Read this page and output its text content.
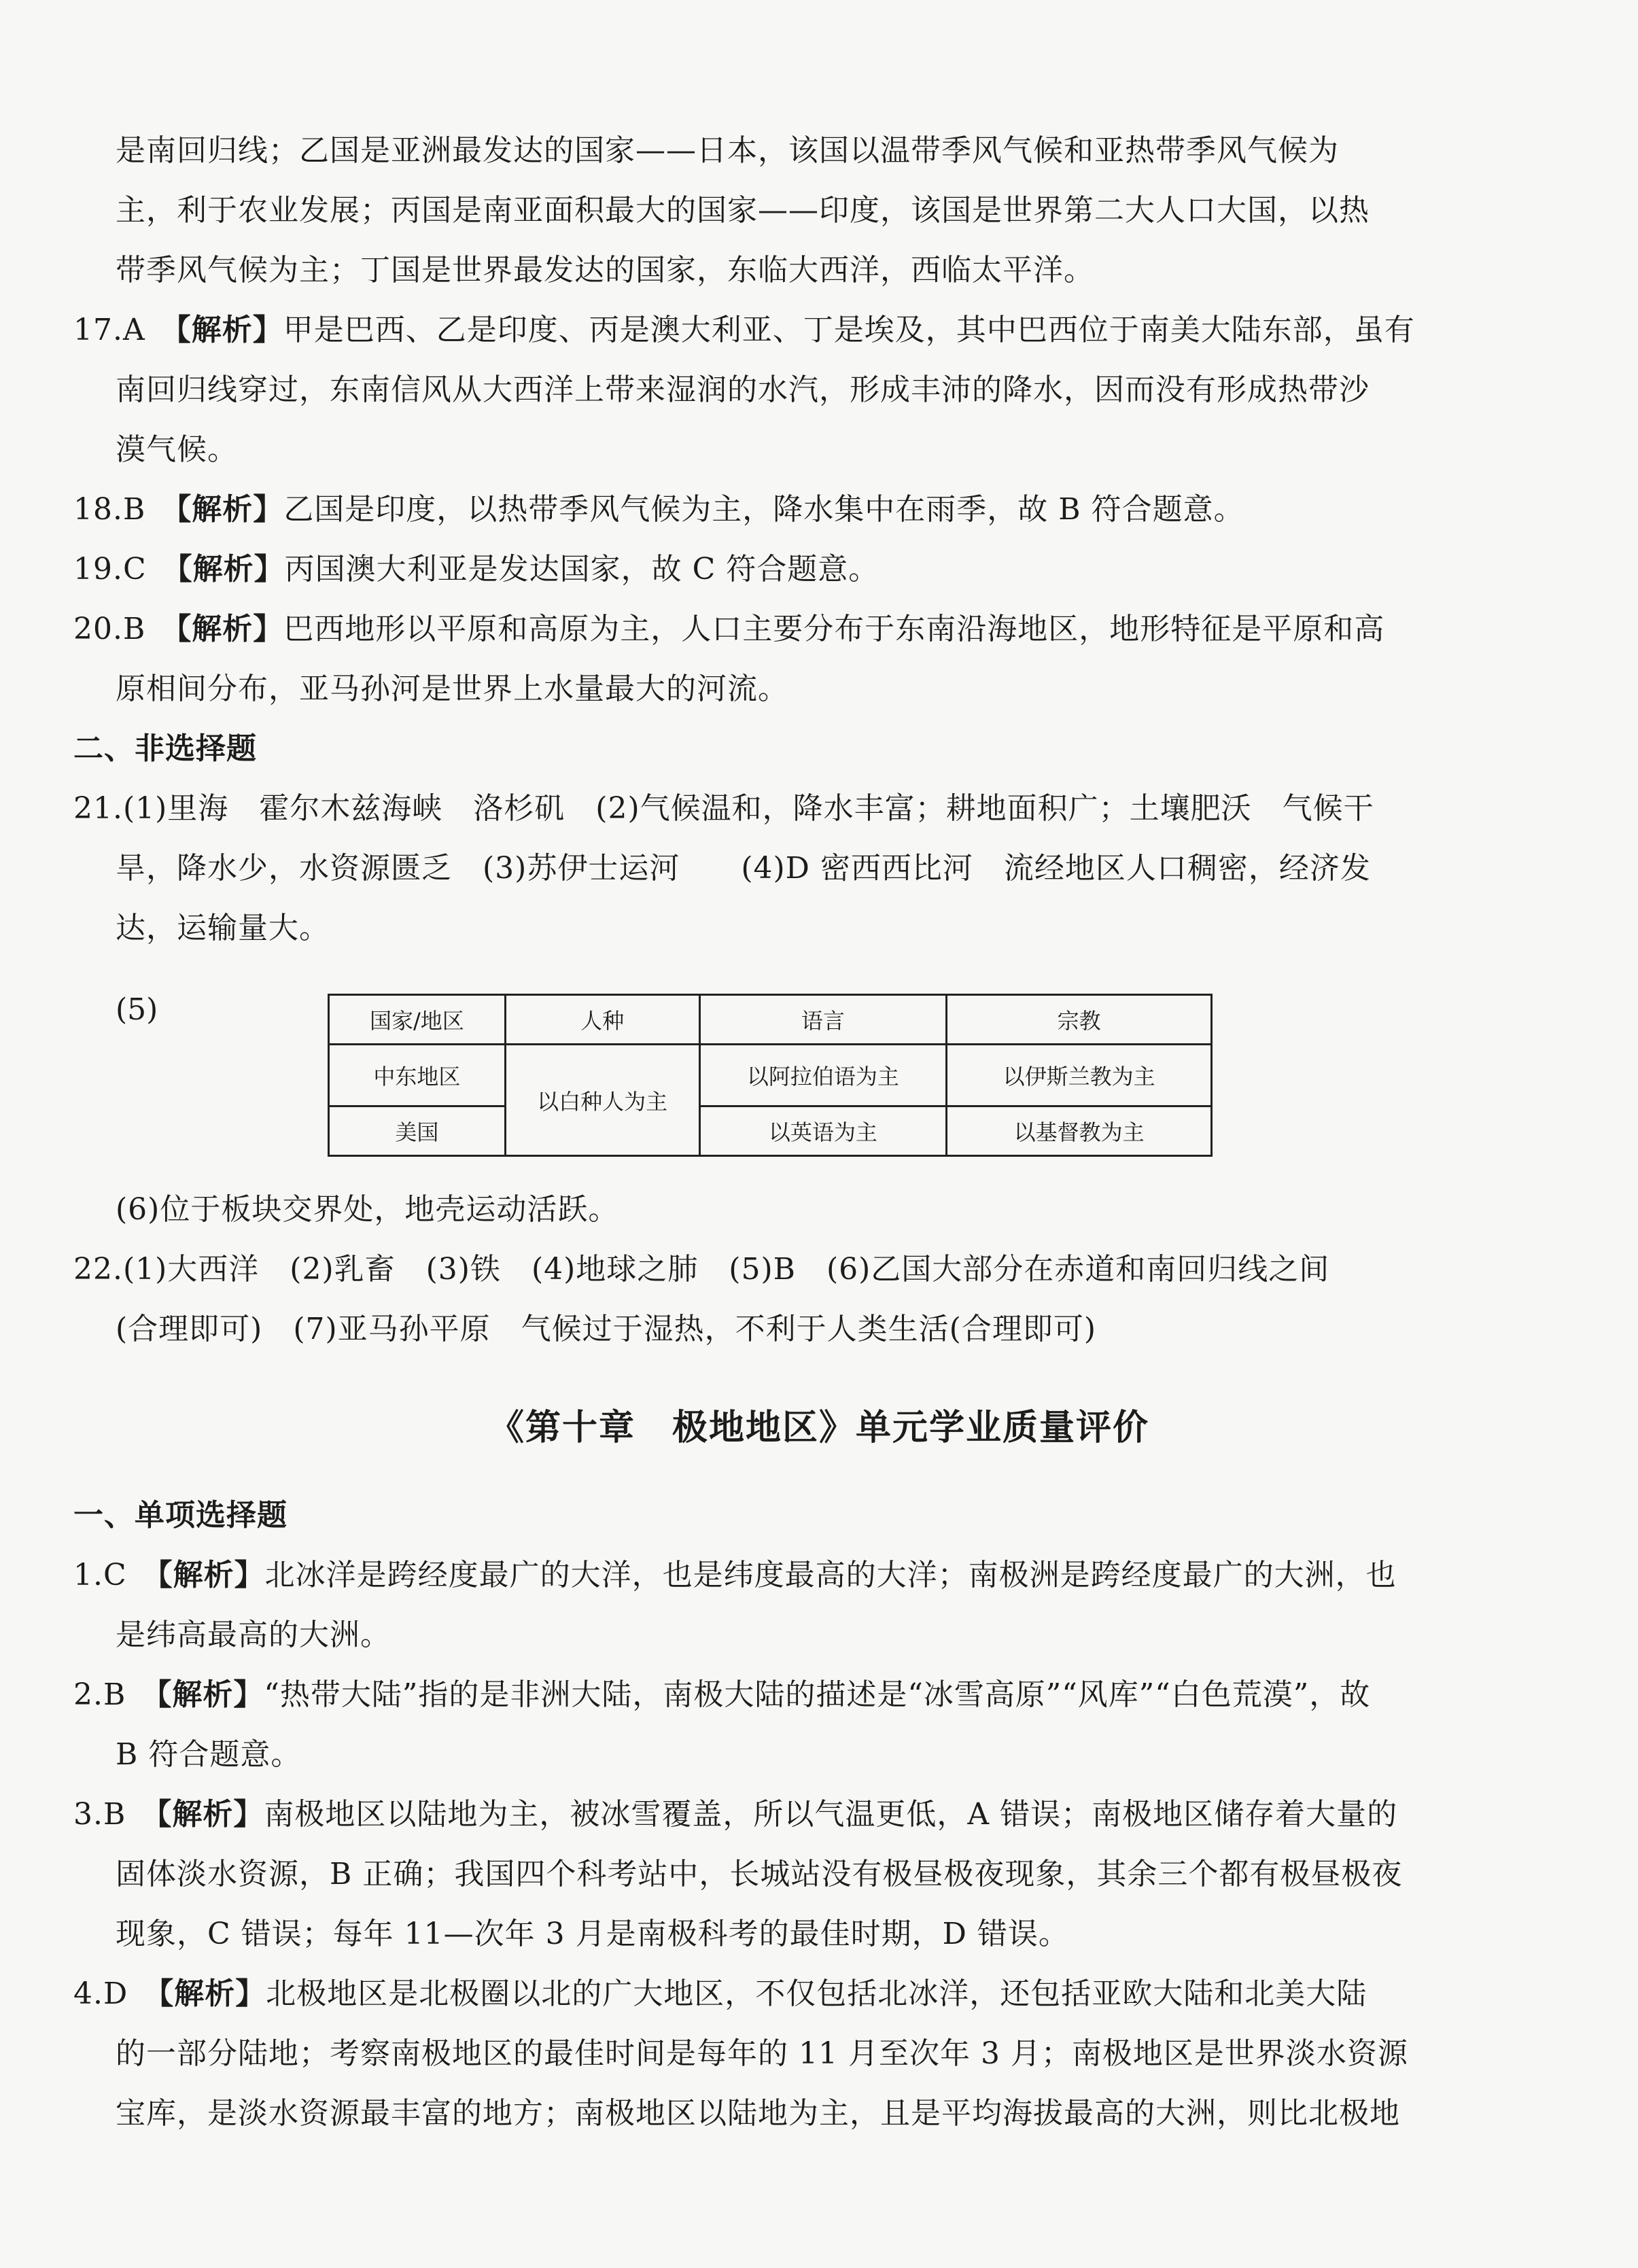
是南回归线；乙国是亚洲最发达的国家——日本，该国以温带季风气候和亚热带季风气候为
主，利于农业发展；丙国是南亚面积最大的国家——印度，该国是世界第二大人口大国，以热
带季风气候为主；丁国是世界最发达的国家，东临大西洋，西临太平洋。
17.A　 【解析】甲是巴西、乙是印度、丙是澳大利亚、丁是埃及，其中巴西位于南美大陆东部，虽有
南回归线穿过，东南信风从大西洋上带来湿润的水汽，形成丰沛的降水，因而没有形成热带沙
漠气候。
18.B　 【解析】乙国是印度，以热带季风气候为主，降水集中在雨季，故 B 符合题意。
19.C　 【解析】丙国澳大利亚是发达国家，故 C 符合题意。
20.B　 【解析】巴西地形以平原和高原为主，人口主要分布于东南沿海地区，地形特征是平原和高
原相间分布，亚马孙河是世界上水量最大的河流。
二、非选择题
21.(1)里海　霍尔木兹海峡　洛杉矶　(2)气候温和，降水丰富；耕地面积广；土壤肥沃　气候干
旱，降水少，水资源匮乏　(3)苏伊士运河　　(4)D 密西西比河　流经地区人口稠密，经济发
达，运输量大。
(5)	国家/地区	人种	语言	宗教
中东地区	以白种人为主	以阿拉伯语为主	以伊斯兰教为主
美国		以英语为主	以基督教为主
(6)位于板块交界处，地壳运动活跃。
22.(1)大西洋　(2)乳畜　(3)铁　(4)地球之肺　(5)B　(6)乙国大部分在赤道和南回归线之间
(合理即可)　(7)亚马孙平原　气候过于湿热，不利于人类生活(合理即可)
《第十章　极地地区》单元学业质量评价
一、单项选择题
1.C　 【解析】北冰洋是跨经度最广的大洋，也是纬度最高的大洋；南极洲是跨经度最广的大洲，也
是纬高最高的大洲。
2.B　 【解析】“热带大陆”指的是非洲大陆，南极大陆的描述是“冰雪高原”“风库”“白色荒漠”，故
B 符合题意。
3.B　 【解析】南极地区以陆地为主，被冰雪覆盖，所以气温更低，A 错误；南极地区储存着大量的
固体淡水资源，B 正确；我国四个科考站中，长城站没有极昼极夜现象，其余三个都有极昼极夜
现象，C 错误；每年 11—次年 3 月是南极科考的最佳时期，D 错误。
4.D　 【解析】北极地区是北极圈以北的广大地区，不仅包括北冰洋，还包括亚欧大陆和北美大陆
的一部分陆地；考察南极地区的最佳时间是每年的 11 月至次年 3 月；南极地区是世界淡水资源
宝库，是淡水资源最丰富的地方；南极地区以陆地为主，且是平均海拔最高的大洲，则比北极地
